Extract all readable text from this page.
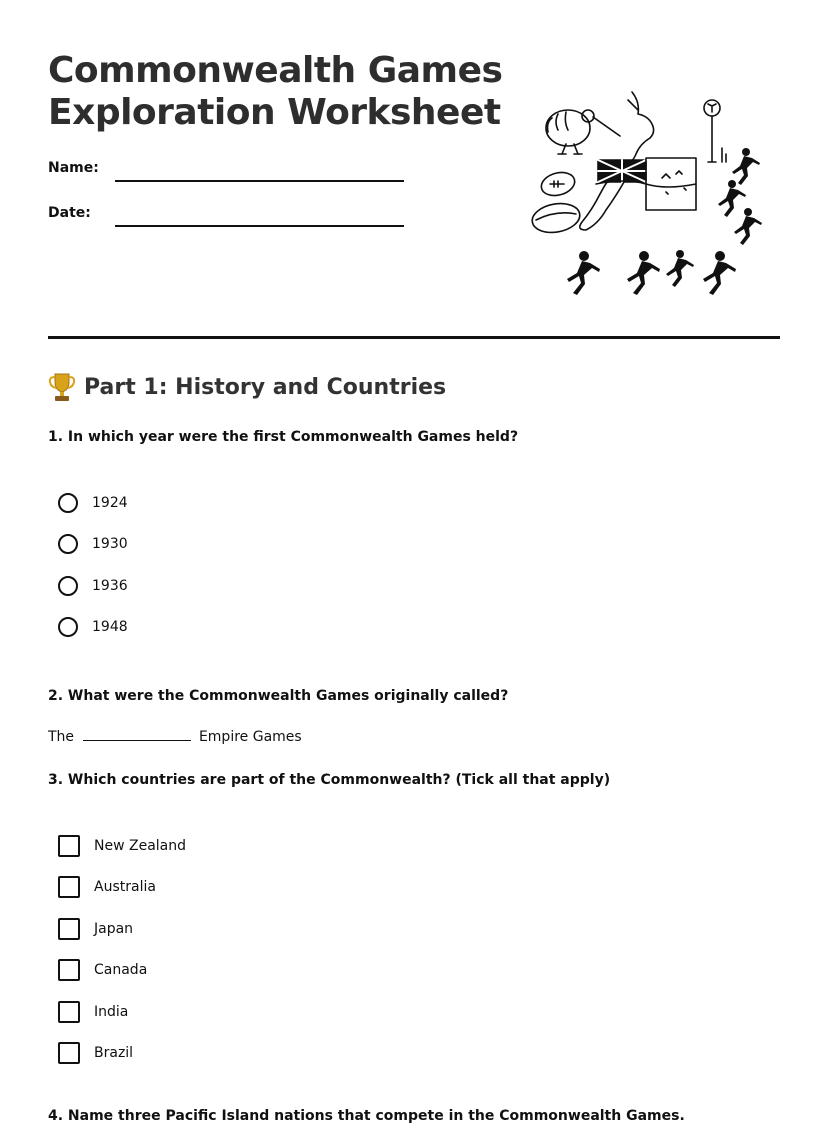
Commonwealth Games
Exploration Worksheet
Name:
Date:
Part 1: History and Countries

1. In which year were the first Commonwealth Games held?

1924
1930
1936
1948

2. What were the Commonwealth Games originally called?

The	Empire Games

3. Which countries are part of the Commonwealth? (Tick all that apply)

New Zealand
Australia
Japan
Canada
India
Brazil
4. Name three Pacific Island nations that compete in the Commonwealth Games.
